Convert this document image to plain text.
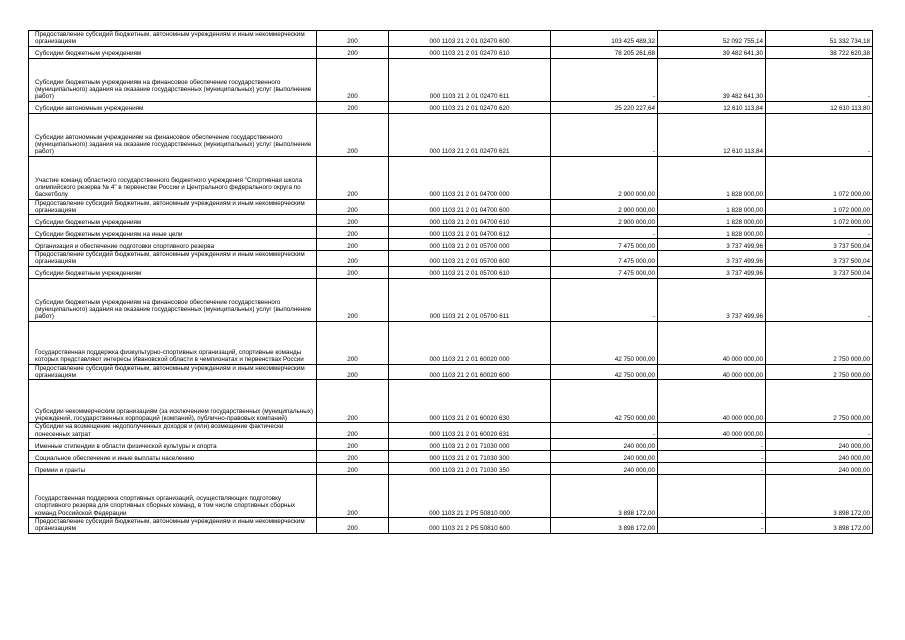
Предоставление субсидий бюджетным, автономным учреждениям и иным некоммерческим организациям	200	000 1103 21 2 01 02470 600	103 425 489,32	52 092 755,14	51 332 734,18
Субсидии бюджетным учреждениям	200	000 1103 21 2 01 02470 610	78 205 261,68	39 482 641,30	38 722 620,38
Субсидии бюджетным учреждениям на финансовое обеспечение государственного (муниципального) задания на оказание государственных (муниципальных) услуг (выполнение работ)	200	000 1103 21 2 01 02470 611	-	39 482 641,30	-
Субсидии автономным учреждениям	200	000 1103 21 2 01 02470 620	25 220 227,64	12 610 113,84	12 610 113,80
Субсидии автономным учреждениям на финансовое обеспечение государственного (муниципального) задания на оказание государственных (муниципальных) услуг (выполнение работ)	200	000 1103 21 2 01 02470 621	-	12 610 113,84	-
Участие команд областного государственного бюджетного учреждения "Спортивная школа олимпийского резерва № 4" в первенстве России и Центрального федерального округа по баскетболу	200	000 1103 21 2 01 04700 000	2 900 000,00	1 828 000,00	1 072 000,00
Предоставление субсидий бюджетным, автономным учреждениям и иным некоммерческим организациям	200	000 1103 21 2 01 04700 600	2 900 000,00	1 828 000,00	1 072 000,00
Субсидии бюджетным учреждениям	200	000 1103 21 2 01 04700 610	2 900 000,00	1 828 000,00	1 072 000,00
Субсидии бюджетным учреждениям на иные цели	200	000 1103 21 2 01 04700 612	-	1 828 000,00	-
Организация и обеспечение подготовки спортивного резерва	200	000 1103 21 2 01 05700 000	7 475 000,00	3 737 499,96	3 737 500,04
Предоставление субсидий бюджетным, автономным учреждениям и иным некоммерческим организациям	200	000 1103 21 2 01 05700 600	7 475 000,00	3 737 499,96	3 737 500,04
Субсидии бюджетным учреждениям	200	000 1103 21 2 01 05700 610	7 475 000,00	3 737 499,96	3 737 500,04
Субсидии бюджетным учреждениям на финансовое обеспечение государственного (муниципального) задания на оказание государственных (муниципальных) услуг (выполнение работ)	200	000 1103 21 2 01 05700 611	-	3 737 499,96	-
Государственная поддержка физкультурно-спортивных организаций, спортивные команды которых представляют интересы Ивановской области в чемпионатах и первенствах России	200	000 1103 21 2 01 60020 000	42 750 000,00	40 000 000,00	2 750 000,00
Предоставление субсидий бюджетным, автономным учреждениям и иным некоммерческим организациям	200	000 1103 21 2 01 60020 600	42 750 000,00	40 000 000,00	2 750 000,00
Субсидии некоммерческим организациям (за исключением государственных (муниципальных) учреждений, государственных корпораций (компаний), публично-правовых компаний)	200	000 1103 21 2 01 60020 630	42 750 000,00	40 000 000,00	2 750 000,00
Субсидии на возмещение недополученных доходов и (или) возмещение фактически понесенных затрат	200	000 1103 21 2 01 60020 631	-	40 000 000,00	-
Именные стипендии в области физической культуры и спорта	200	000 1103 21 2 01 71030 000	240 000,00	-	240 000,00
Социальное обеспечение и иные выплаты населению	200	000 1103 21 2 01 71030 300	240 000,00	-	240 000,00
Премии и гранты	200	000 1103 21 2 01 71030 350	240 000,00	-	240 000,00
Государственная поддержка спортивных организаций, осуществляющих подготовку спортивного резерва для спортивных сборных команд, в том числе спортивных сборных команд Российской Федерации	200	000 1103 21 2 P5 50810 000	3 898 172,00	-	3 898 172,00
Предоставление субсидий бюджетным, автономным учреждениям и иным некоммерческим организациям	200	000 1103 21 2 P5 50810 600	3 898 172,00	-	3 898 172,00
